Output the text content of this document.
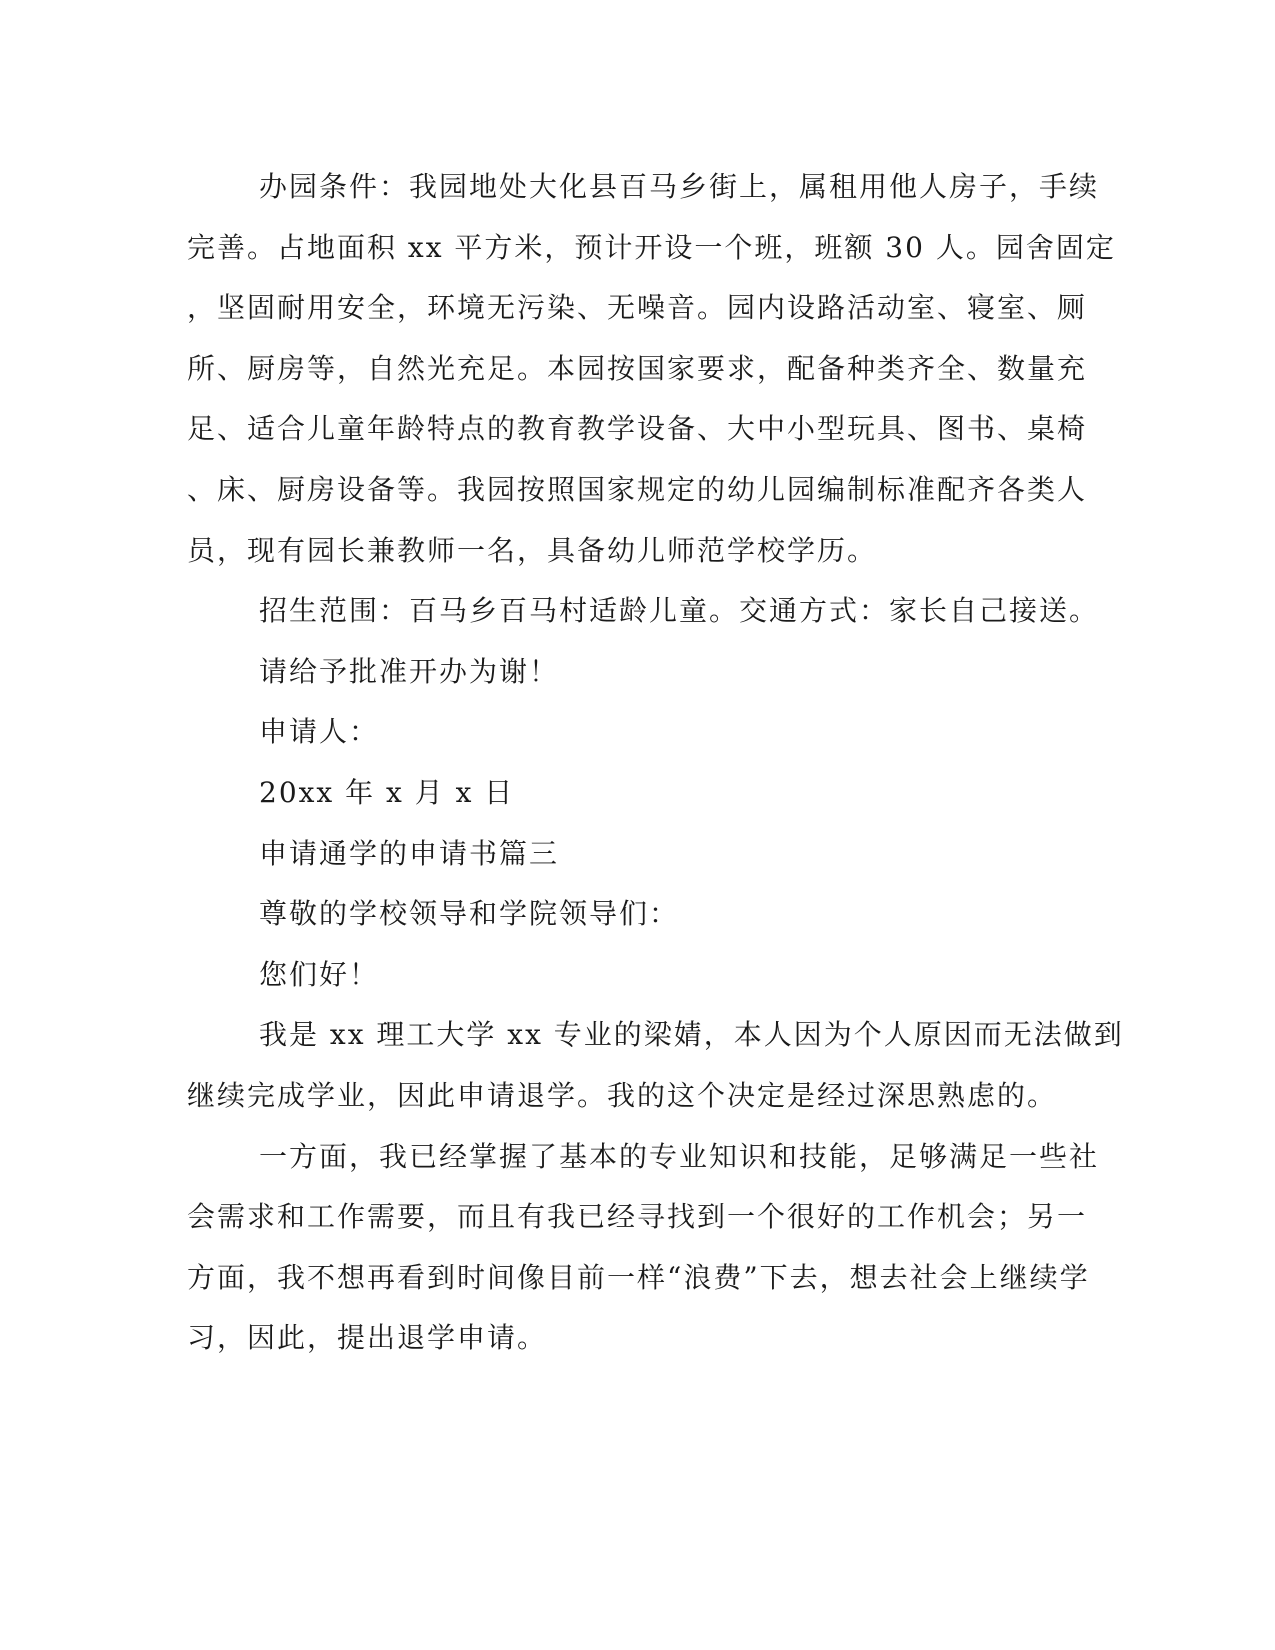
办园条件：我园地处大化县百马乡街上，属租用他人房子，手续
完善。占地面积 xx 平方米，预计开设一个班，班额 30 人。园舍固定
，坚固耐用安全，环境无污染、无噪音。园内设路活动室、寝室、厕
所、厨房等，自然光充足。本园按国家要求，配备种类齐全、数量充
足、适合儿童年龄特点的教育教学设备、大中小型玩具、图书、桌椅
、床、厨房设备等。我园按照国家规定的幼儿园编制标准配齐各类人
员，现有园长兼教师一名，具备幼儿师范学校学历。

招生范围：百马乡百马村适龄儿童。交通方式：家长自己接送。

请给予批准开办为谢！

申请人：

20xx 年 x 月 x 日

申请通学的申请书篇三

尊敬的学校领导和学院领导们：

您们好！

我是 xx 理工大学 xx 专业的梁婧，本人因为个人原因而无法做到
继续完成学业，因此申请退学。我的这个决定是经过深思熟虑的。

一方面，我已经掌握了基本的专业知识和技能，足够满足一些社
会需求和工作需要，而且有我已经寻找到一个很好的工作机会；另一
方面，我不想再看到时间像目前一样“浪费”下去，想去社会上继续学
习，因此，提出退学申请。
